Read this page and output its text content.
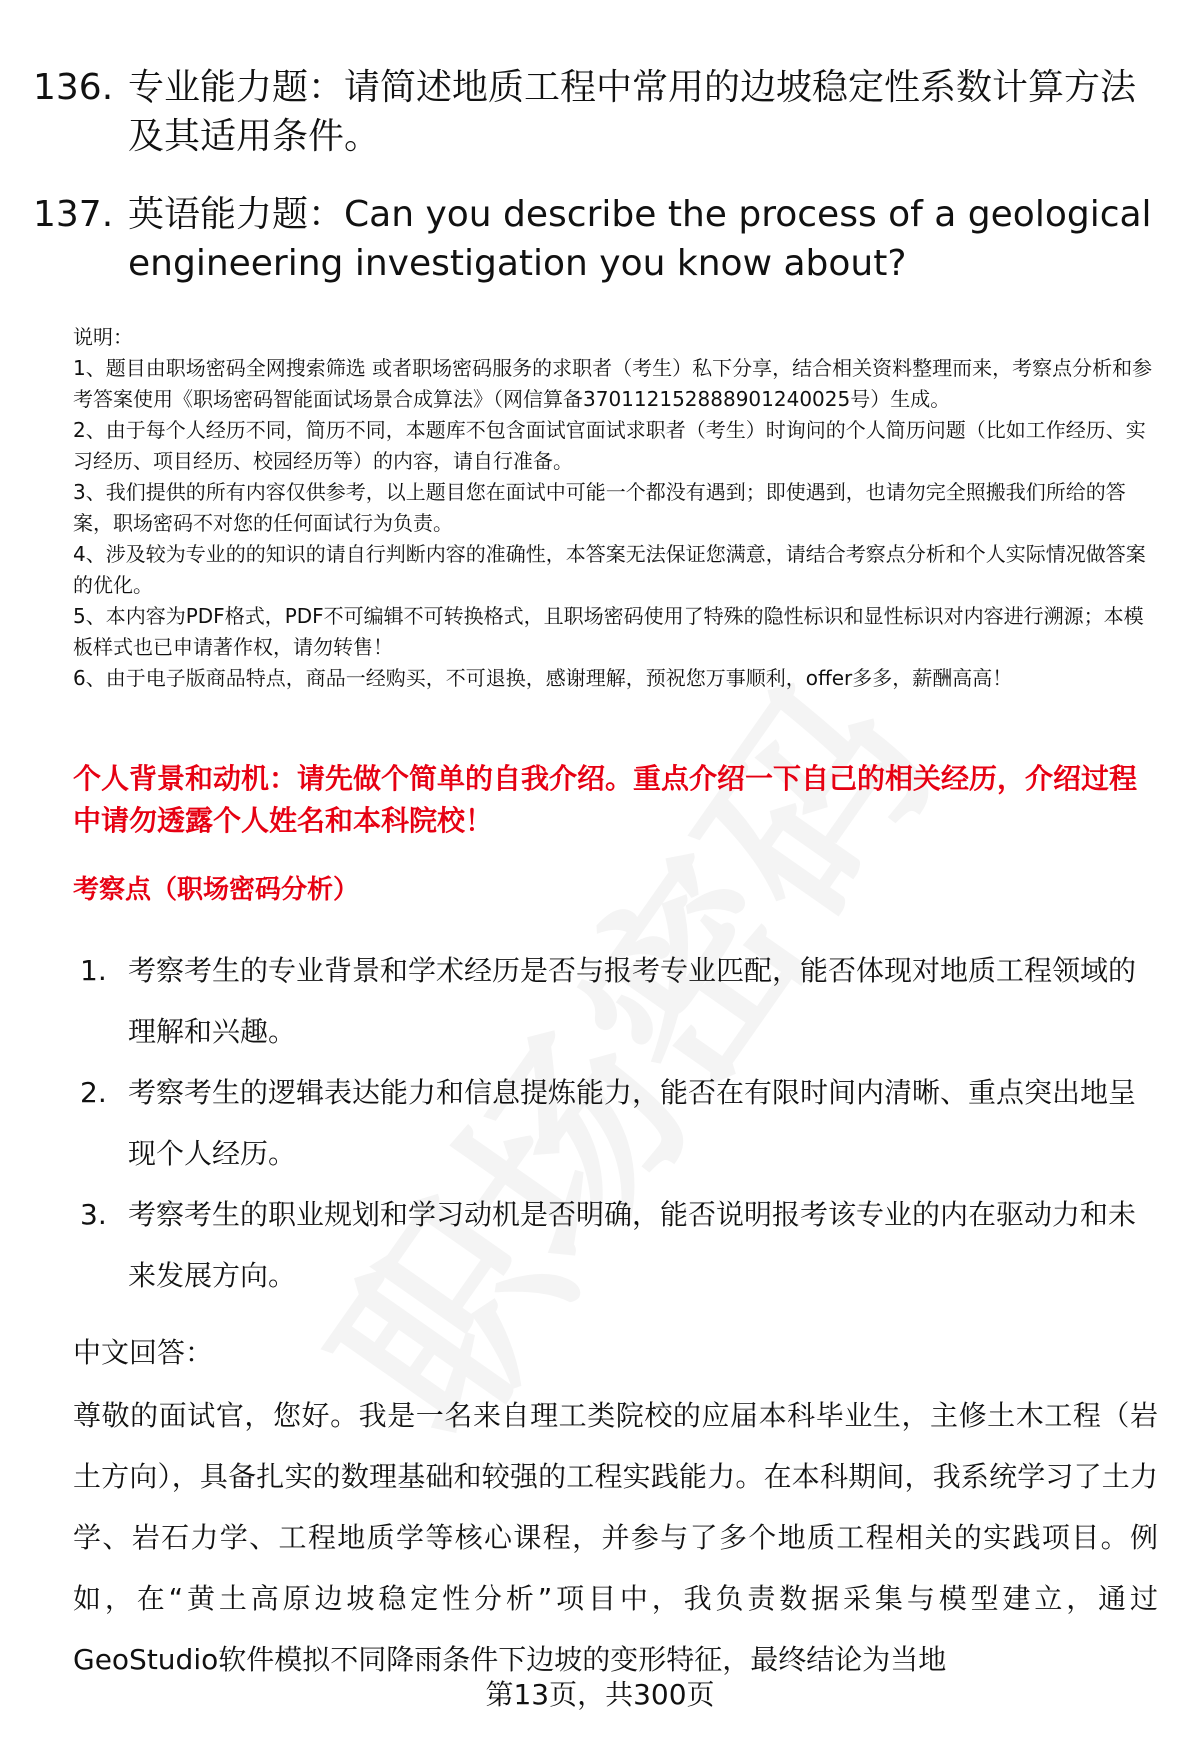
136. 专业能力题：请简述地质工程中常用的边坡稳定性系数计算方法及其适用条件。
137. 英语能力题：Can you describe the process of a geological engineering investigation you know about?
说明：
1、题目由职场密码全网搜索筛选 或者职场密码服务的求职者（考生）私下分享，结合相关资料整理而来，考察点分析和参考答案使用《职场密码智能面试场景合成算法》（网信算备370112152888901240025号）生成。
2、由于每个人经历不同，简历不同，本题库不包含面试官面试求职者（考生）时询问的个人简历问题（比如工作经历、实习经历、项目经历、校园经历等）的内容，请自行准备。
3、我们提供的所有内容仅供参考，以上题目您在面试中可能一个都没有遇到；即使遇到，也请勿完全照搬我们所给的答案，职场密码不对您的任何面试行为负责。
4、涉及较为专业的的知识的请自行判断内容的准确性，本答案无法保证您满意，请结合考察点分析和个人实际情况做答案的优化。
5、本内容为PDF格式，PDF不可编辑不可转换格式，且职场密码使用了特殊的隐性标识和显性标识对内容进行溯源；本模板样式也已申请著作权，请勿转售！
6、由于电子版商品特点，商品一经购买，不可退换，感谢理解，预祝您万事顺利，offer多多，薪酬高高！
个人背景和动机：请先做个简单的自我介绍。重点介绍一下自己的相关经历，介绍过程中请勿透露个人姓名和本科院校！
考察点（职场密码分析）
1. 考察考生的专业背景和学术经历是否与报考专业匹配，能否体现对地质工程领域的理解和兴趣。
2. 考察考生的逻辑表达能力和信息提炼能力，能否在有限时间内清晰、重点突出地呈现个人经历。
3. 考察考生的职业规划和学习动机是否明确，能否说明报考该专业的内在驱动力和未来发展方向。
中文回答：
尊敬的面试官，您好。我是一名来自理工类院校的应届本科毕业生，主修土木工程（岩土方向），具备扎实的数理基础和较强的工程实践能力。在本科期间，我系统学习了土力学、岩石力学、工程地质学等核心课程，并参与了多个地质工程相关的实践项目。例如，在“黄土高原边坡稳定性分析”项目中，我负责数据采集与模型建立，通过GeoStudio软件模拟不同降雨条件下边坡的变形特征，最终结论为当地
第13页，共300页
